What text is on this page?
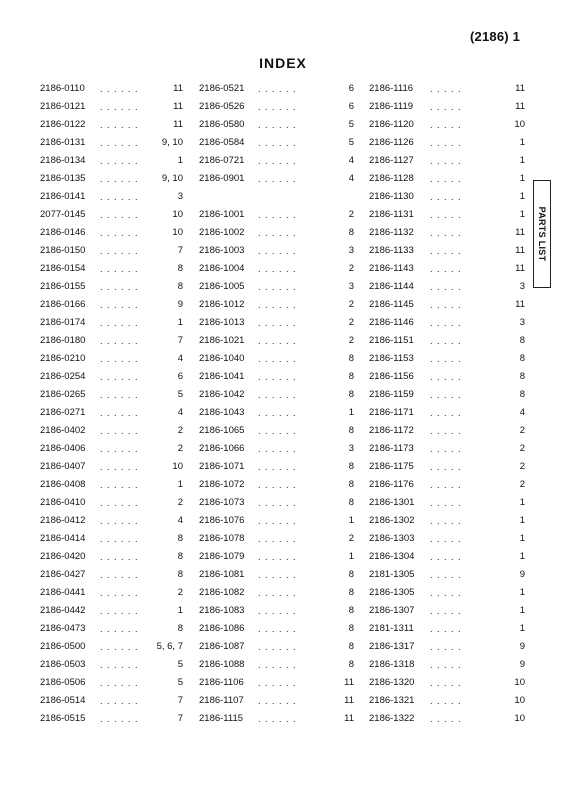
(2186) 1
INDEX
2186-0110 . . . . . .	11
2186-0121 . . . . . .	11
2186-0122 . . . . . .	11
2186-0131 . . . . . .	9, 10
2186-0134 . . . . . .	1
2186-0135 . . . . . .	9, 10
2186-0141 . . . . . .	3
2077-0145 . . . . . .	10
2186-0146 . . . . . .	10
2186-0150 . . . . . .	7
2186-0154 . . . . . .	8
2186-0155 . . . . . .	8
2186-0166 . . . . . .	9
2186-0174 . . . . . .	1
2186-0180 . . . . . .	7
2186-0210 . . . . . .	4
2186-0254 . . . . . .	6
2186-0265 . . . . . .	5
2186-0271 . . . . . .	4
2186-0402 . . . . . .	2
2186-0406 . . . . . .	2
2186-0407 . . . . . .	10
2186-0408 . . . . . .	1
2186-0410 . . . . . .	2
2186-0412 . . . . . .	4
2186-0414 . . . . . .	8
2186-0420 . . . . . .	8
2186-0427 . . . . . .	8
2186-0441 . . . . . .	2
2186-0442 . . . . . .	1
2186-0473 . . . . . .	8
2186-0500 . . . . . .	5, 6, 7
2186-0503 . . . . . .	5
2186-0506 . . . . . .	5
2186-0514 . . . . . .	7
2186-0515 . . . . . .	7
2186-0521 . . . . . .	6
2186-0526 . . . . . .	6
2186-0580 . . . . . .	5
2186-0584 . . . . . .	5
2186-0721 . . . . . .	4
2186-0901 . . . . . .	4
2186-1001 . . . . . .	2
2186-1002 . . . . . .	8
2186-1003 . . . . . .	3
2186-1004 . . . . . .	2
2186-1005 . . . . . .	3
2186-1012 . . . . . .	2
2186-1013 . . . . . .	2
2186-1021 . . . . . .	2
2186-1040 . . . . . .	8
2186-1041 . . . . . .	8
2186-1042 . . . . . .	8
2186-1043 . . . . . .	1
2186-1065 . . . . . .	8
2186-1066 . . . . . .	3
2186-1071 . . . . . .	8
2186-1072 . . . . . .	8
2186-1073 . . . . . .	8
2186-1076 . . . . . .	1
2186-1078 . . . . . .	2
2186-1079 . . . . . .	1
2186-1081 . . . . . .	8
2186-1082 . . . . . .	8
2186-1083 . . . . . .	8
2186-1086 . . . . . .	8
2186-1087 . . . . . .	8
2186-1088 . . . . . .	8
2186-1106 . . . . . .	11
2186-1107 . . . . . .	11
2186-1115 . . . . . .	11
2186-1116 . . . . .	11
2186-1119 . . . . .	11
2186-1120 . . . . .	10
2186-1126 . . . . .	1
2186-1127 . . . . .	1
2186-1128 . . . . .	1
2186-1130 . . . . .	1
2186-1131 . . . . .	1
2186-1132 . . . . .	11
2186-1133 . . . . .	11
2186-1143 . . . . .	11
2186-1144 . . . . .	3
2186-1145 . . . . .	11
2186-1146 . . . . .	3
2186-1151 . . . . .	8
2186-1153 . . . . .	8
2186-1156 . . . . .	8
2186-1159 . . . . .	8
2186-1171 . . . . .	4
2186-1172 . . . . .	2
2186-1173 . . . . .	2
2186-1175 . . . . .	2
2186-1176 . . . . .	2
2186-1301 . . . . .	1
2186-1302 . . . . .	1
2186-1303 . . . . .	1
2186-1304 . . . . .	1
2181-1305 . . . . .	9
2186-1305 . . . . .	1
2186-1307 . . . . .	1
2181-1311 . . . . .	1
2186-1317 . . . . .	9
2186-1318 . . . . .	9
2186-1320 . . . . .	10
2186-1321 . . . . .	10
2186-1322 . . . . .	10
PARTS LIST
